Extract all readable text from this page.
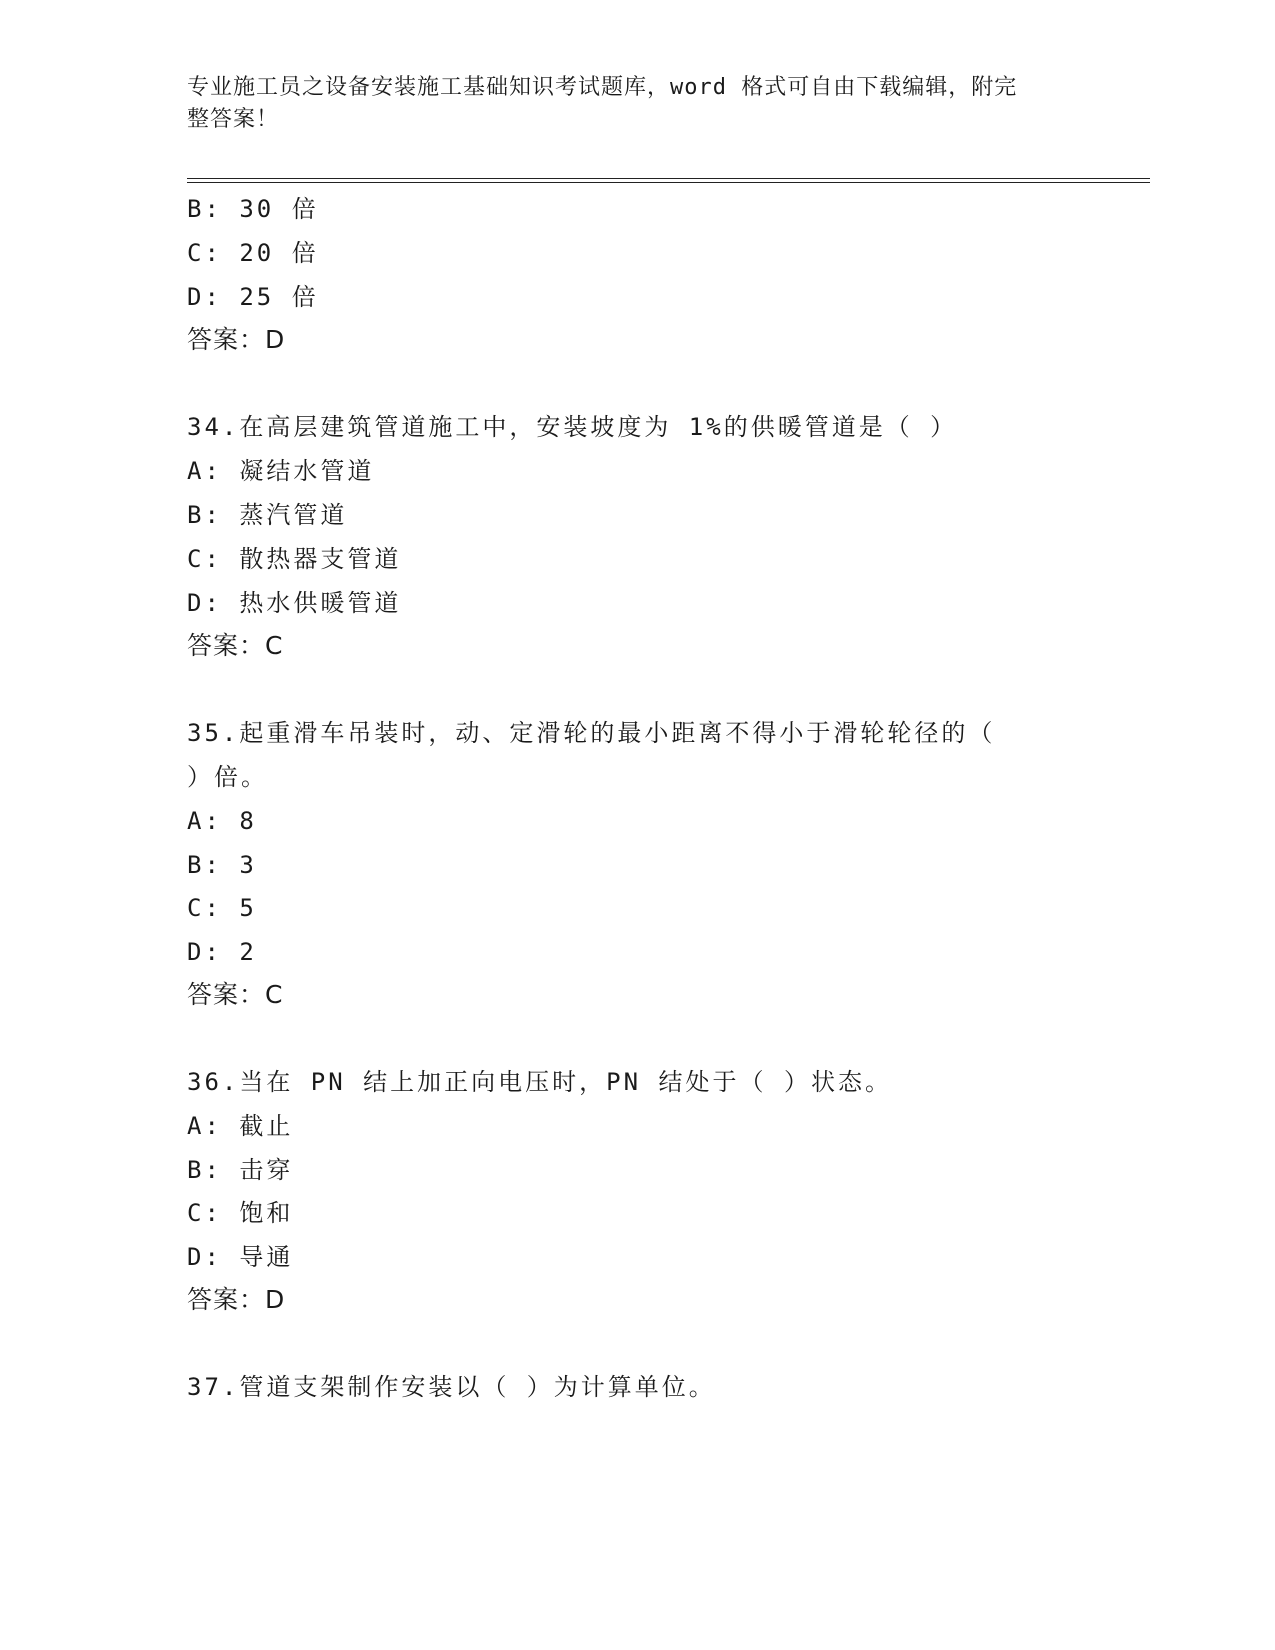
专业施工员之设备安装施工基础知识考试题库，word 格式可自由下载编辑，附完
整答案！
B: 30 倍
C: 20 倍
D: 25 倍
答案：D
34.在高层建筑管道施工中，安装坡度为 1%的供暖管道是（ ）
A: 凝结水管道
B: 蒸汽管道
C: 散热器支管道
D: 热水供暖管道
答案：C
35.起重滑车吊装时，动、定滑轮的最小距离不得小于滑轮轮径的（
）倍。
A: 8
B: 3
C: 5
D: 2
答案：C
36.当在 PN 结上加正向电压时，PN 结处于（ ）状态。
A: 截止
B: 击穿
C: 饱和
D: 导通
答案：D
37.管道支架制作安装以（ ）为计算单位。
